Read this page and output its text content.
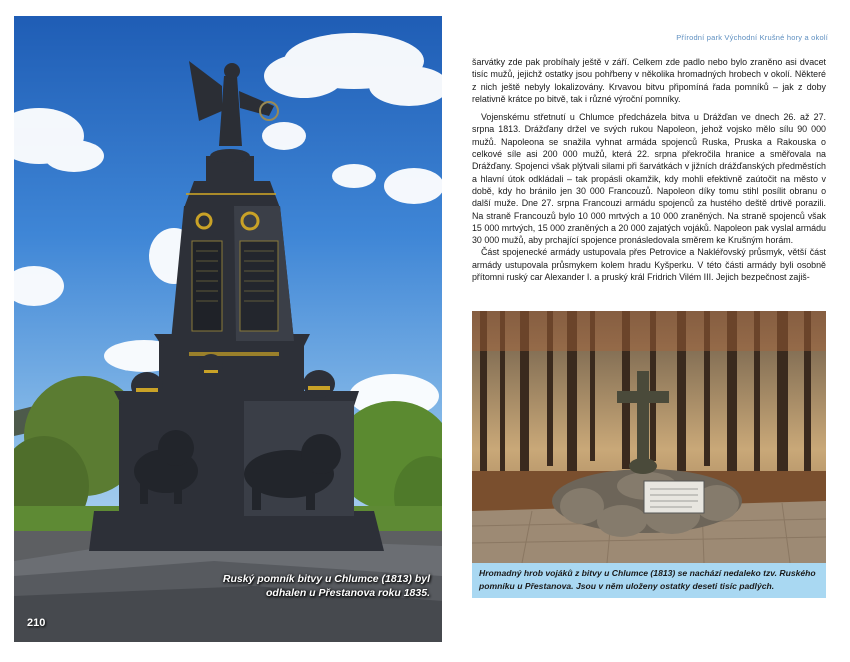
Ruský pomník bitvy u Chlumce (1813) byl odhalen u Přestanova roku 1835.
210
Přírodní park Východní Krušné hory a okolí

šarvátky zde pak probíhaly ještě v září. Celkem zde padlo nebo bylo zraněno asi dvacet tisíc mužů, jejichž ostatky jsou pohřbeny v několika hromadných hrobech v okolí. Některé z nich ještě nebyly lokalizovány. Krvavou bitvu připomíná řada pomníků – jak z doby relativně krátce po bitvě, tak i různé výroční pomníky.

Vojenskému střetnutí u Chlumce předcházela bitva u Drážďan ve dnech 26. až 27. srpna 1813. Drážďany držel ve svých rukou Napoleon, jehož vojsko mělo sílu 90 000 mužů. Napoleona se snažila vyhnat armáda spojenců Ruska, Pruska a Rakouska o celkové síle asi 200 000 mužů, která 22. srpna překročila hranice a směřovala na Drážďany. Spojenci však plýtvali silami při šarvátkách v jižních drážďanských předměstích a hlavní útok odkládali – tak propásli okamžik, kdy mohli efektivně zaútočit na město v době, kdy ho bránilo jen 30 000 Francouzů. Napoleon díky tomu stihl posílit obranu o další muže. Dne 27. srpna Francouzi armádu spojenců za hustého deště drtivě porazili. Na straně Francouzů bylo 10 000 mrtvých a 10 000 zraněných. Na straně spojenců však 15 000 mrtvých, 15 000 zraněných a 20 000 zajatých vojáků. Napoleon pak vyslal armádu 30 000 mužů, aby prchající spojence pronásledovala směrem ke Krušným horám.

Část spojenecké armády ustupovala přes Petrovice a Nakléřovský průsmyk, větší část armády ustupovala průsmykem kolem hradu Kyšperku. V této části armády byli osobně přítomni ruský car Alexander I. a pruský král Fridrich Vilém III. Jejich bezpečnost zajiš-

Hromadný hrob vojáků z bitvy u Chlumce (1813) se nachází nedaleko tzv. Ruského pomníku u Přestanova. Jsou v něm uloženy ostatky deseti tisíc padlých.
